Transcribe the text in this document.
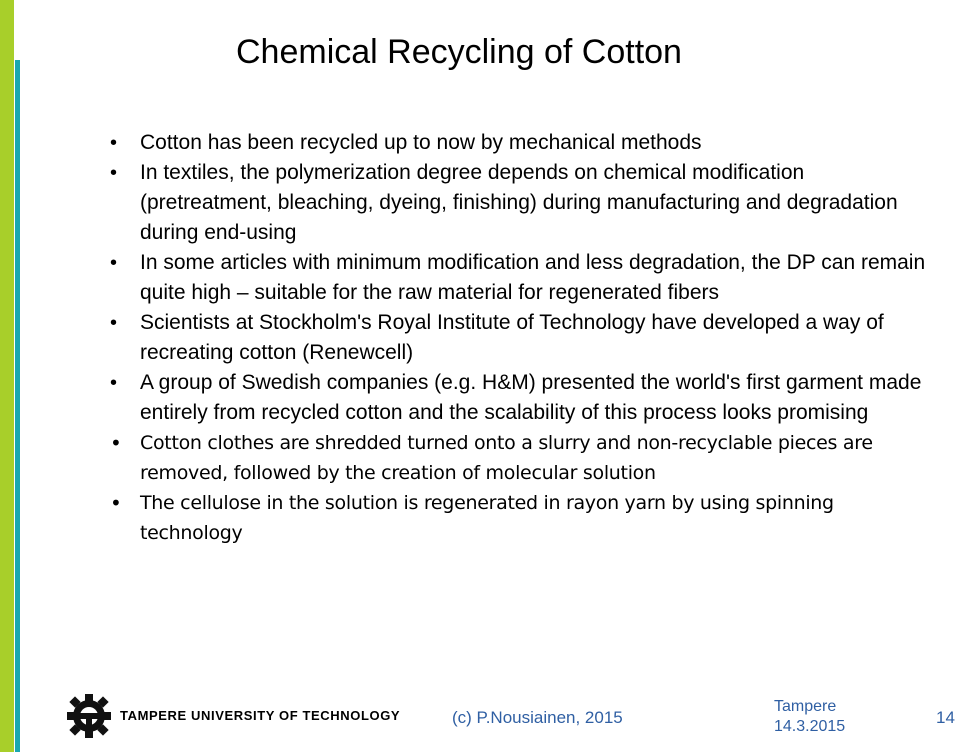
Chemical Recycling of Cotton
• Cotton has been recycled up to now by mechanical methods
• In textiles, the polymerization degree depends on chemical modification (pretreatment, bleaching, dyeing, finishing) during manufacturing and degradation during end-using
• In some articles with minimum modification and less degradation, the DP can remain quite high – suitable for the raw material for regenerated fibers
• Scientists at Stockholm's Royal Institute of Technology have developed a way of recreating cotton (Renewcell)
• A group of Swedish companies (e.g. H&M) presented the world's first garment made entirely from recycled cotton and the scalability of this process looks promising
• Cotton clothes are shredded turned onto a slurry and non-recyclable pieces are removed, followed by the creation of molecular solution
• The cellulose in the solution is regenerated in rayon yarn by using spinning technology
TAMPERE UNIVERSITY OF TECHNOLOGY	(c) P.Nousiainen, 2015
Tampere
14.3.2015	14
